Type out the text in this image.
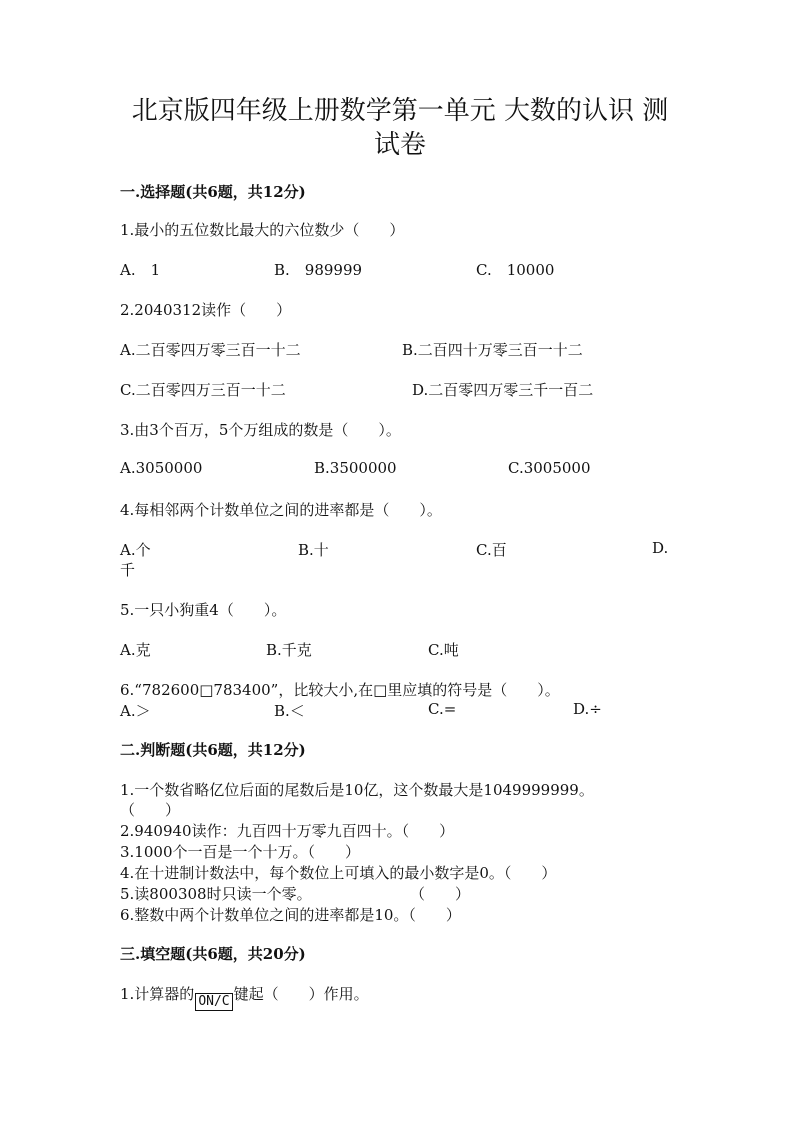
北京版四年级上册数学第一单元 大数的认识 测试卷
一.选择题(共6题，共12分)
1.最小的五位数比最大的六位数少（　　）
A.　1	B.　989999	C.　10000
2.2040312读作（　　）
A.二百零四万零三百一十二	B.二百四十万零三百一十二
C.二百零四万三百一十二	D.二百零四万零三千一百二
3.由3个百万，5个万组成的数是（　　）。
A.3050000	B.3500000	C.3005000
4.每相邻两个计数单位之间的进率都是（　　）。
A.个	B.十	C.百	D.
千
5.一只小狗重4（　　）。
A.克	B.千克	C.吨
6.“782600□783400”，比较大小,在□里应填的符号是（　　）。
A.＞	B.＜	C.=	D.÷
二.判断题(共6题，共12分)
1.一个数省略亿位后面的尾数后是10亿，这个数最大是1049999999。
（　　）
2.940940读作：九百四十万零九百四十。（　　）
3.1000个一百是一个十万。（　　）
4.在十进制计数法中，每个数位上可填入的最小数字是0。（　　）
5.读800308时只读一个零。	（　　）
6.整数中两个计数单位之间的进率都是10。（　　）
三.填空题(共6题，共20分)
1.计算器的 ON/C 键起（　　）作用。
